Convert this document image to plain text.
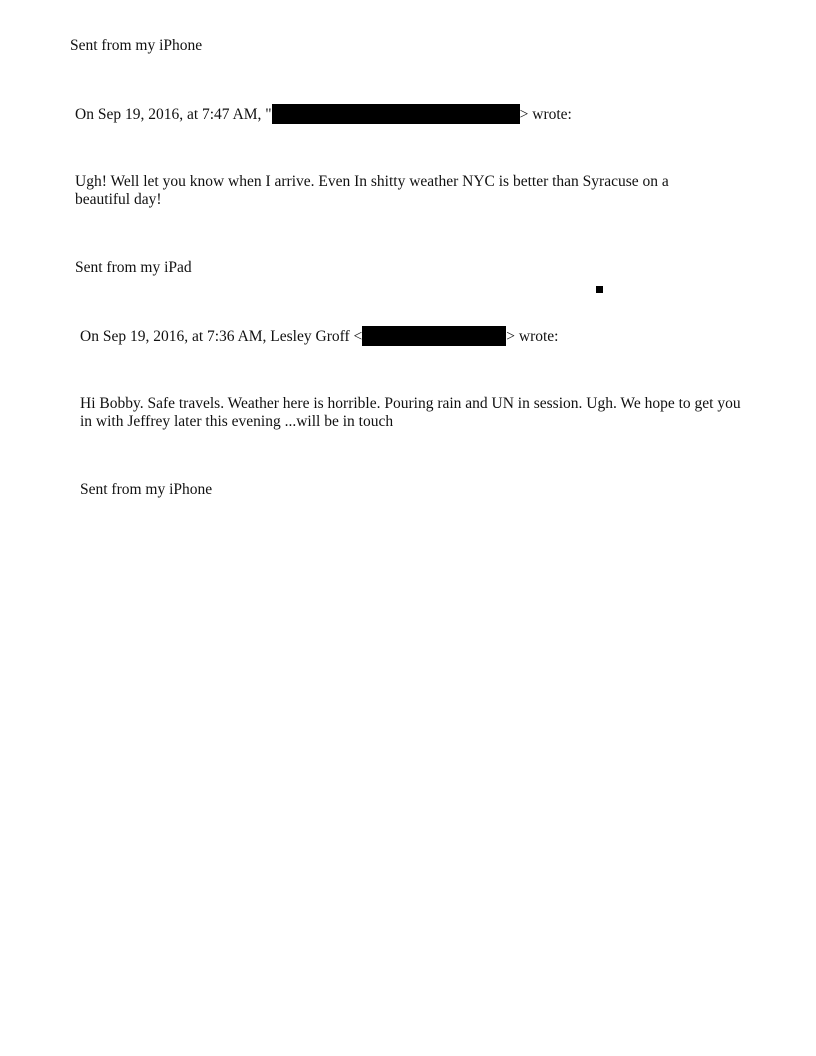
Sent from my iPhone
On Sep 19, 2016, at 7:47 AM, "	> wrote:
Ugh! Well let you know when I arrive. Even In shitty weather NYC is better than Syracuse on a beautiful day!
Sent from my iPad
On Sep 19, 2016, at 7:36 AM, Lesley Groff <	> wrote:
Hi Bobby. Safe travels. Weather here is horrible. Pouring rain and UN in session. Ugh. We hope to get you in with Jeffrey later this evening ...will be in touch
Sent from my iPhone
